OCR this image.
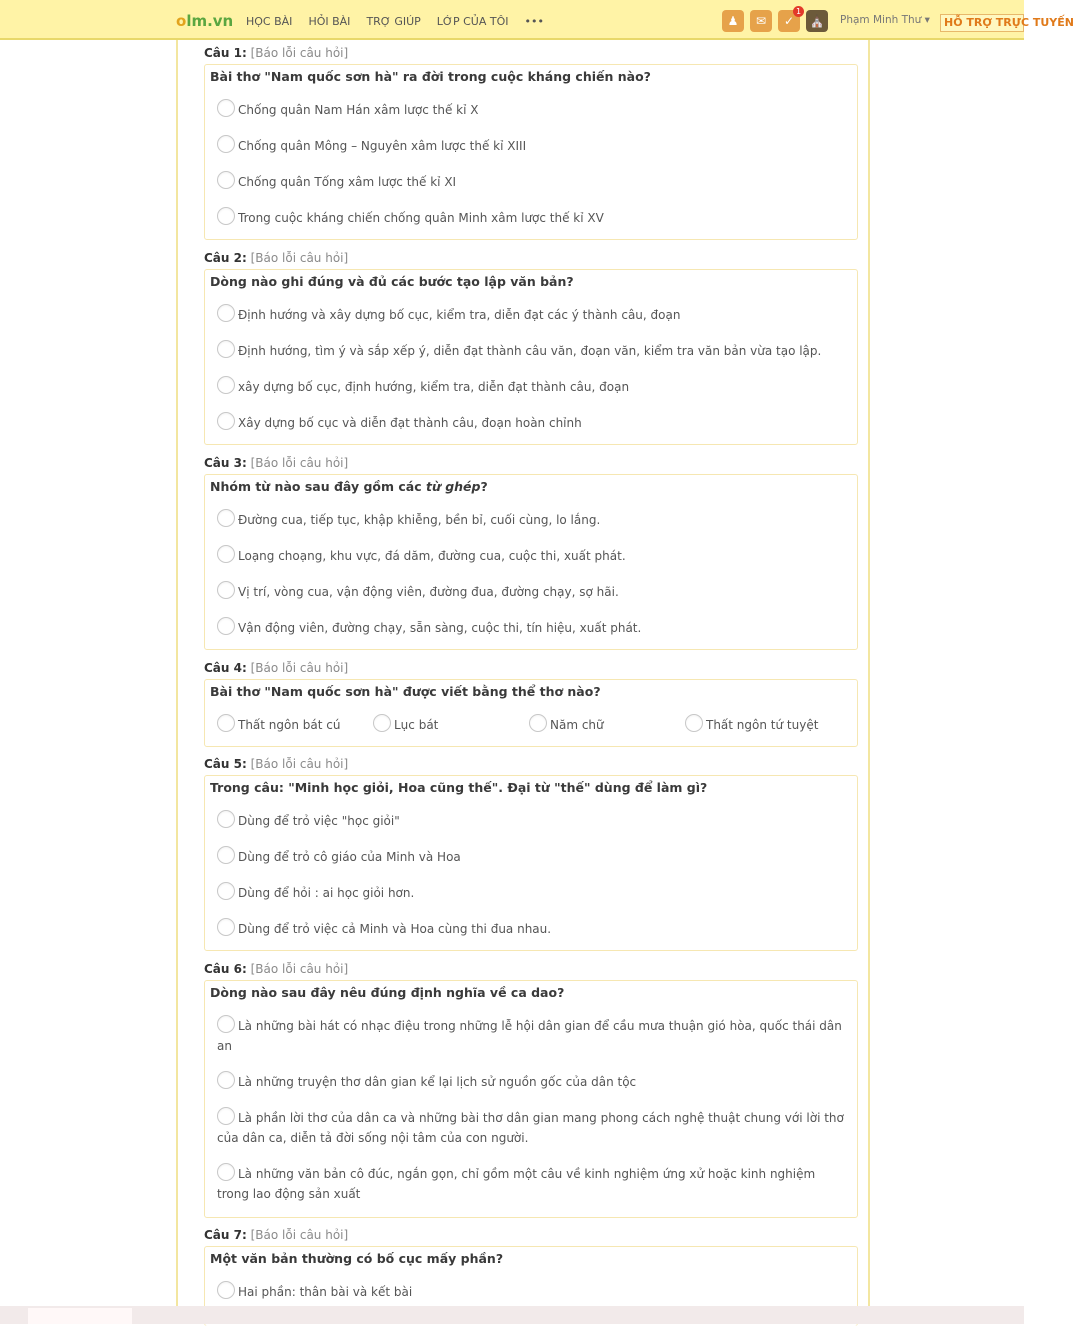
olm.vn HỌC BÀI HỎI BÀI TRỢ GIÚP LỚP CỦA TÔI •••	♟	✉	✓
1
⛪	Phạm Minh Thư ▾	HỖ TRỢ TRỰC TUYẾN
Câu 1: [Báo lỗi câu hỏi]
Bài thơ "Nam quốc sơn hà" ra đời trong cuộc kháng chiến nào?
Chống quân Nam Hán xâm lược thế kỉ X
Chống quân Mông – Nguyên xâm lược thế kỉ XIII
Chống quân Tống xâm lược thế kỉ XI
Trong cuộc kháng chiến chống quân Minh xâm lược thế kỉ XV
Câu 2: [Báo lỗi câu hỏi]
Dòng nào ghi đúng và đủ các bước tạo lập văn bản?
Định hướng và xây dựng bố cục, kiểm tra, diễn đạt các ý thành câu, đoạn
Định hướng, tìm ý và sắp xếp ý, diễn đạt thành câu văn, đoạn văn, kiểm tra văn bản vừa tạo lập.
xây dựng bố cục, định hướng, kiểm tra, diễn đạt thành câu, đoạn
Xây dựng bố cục và diễn đạt thành câu, đoạn hoàn chỉnh
Câu 3: [Báo lỗi câu hỏi]
Nhóm từ nào sau đây gồm các từ ghép?
Đường cua, tiếp tục, khập khiễng, bền bỉ, cuối cùng, lo lắng.
Loạng choạng, khu vực, đá dăm, đường cua, cuộc thi, xuất phát.
Vị trí, vòng cua, vận động viên, đường đua, đường chạy, sợ hãi.
Vận động viên, đường chạy, sẵn sàng, cuộc thi, tín hiệu, xuất phát.
Câu 4: [Báo lỗi câu hỏi]
Bài thơ "Nam quốc sơn hà" được viết bằng thể thơ nào?
Thất ngôn bát cú	Lục bát	Năm chữ	Thất ngôn tứ tuyệt
Câu 5: [Báo lỗi câu hỏi]
Trong câu: "Minh học giỏi, Hoa cũng thế". Đại từ "thế" dùng để làm gì?
Dùng để trỏ việc "học giỏi"
Dùng để trỏ cô giáo của Minh và Hoa
Dùng để hỏi : ai học giỏi hơn.
Dùng để trỏ việc cả Minh và Hoa cùng thi đua nhau.
Câu 6: [Báo lỗi câu hỏi]
Dòng nào sau đây nêu đúng định nghĩa về ca dao?
Là những bài hát có nhạc điệu trong những lễ hội dân gian để cầu mưa thuận gió hòa, quốc thái dân an
Là những truyện thơ dân gian kể lại lịch sử nguồn gốc của dân tộc
Là phần lời thơ của dân ca và những bài thơ dân gian mang phong cách nghệ thuật chung với lời thơ của dân ca, diễn tả đời sống nội tâm của con người.
Là những văn bản cô đúc, ngắn gọn, chỉ gồm một câu về kinh nghiệm ứng xử hoặc kinh nghiệm trong lao động sản xuất
Câu 7: [Báo lỗi câu hỏi]
Một văn bản thường có bố cục mấy phần?
Hai phần: thân bài và kết bài
